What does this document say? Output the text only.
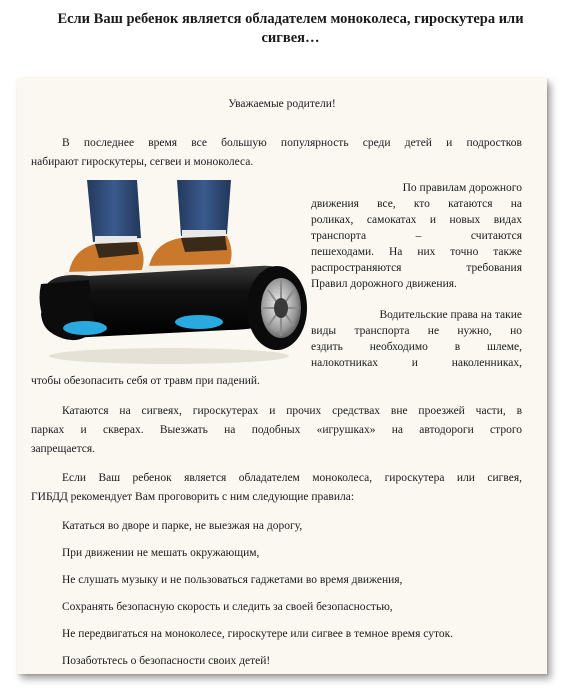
Если Ваш ребенок является обладателем моноколеса, гироскутера или
сигвея…
Уважаемые родители!
В последнее время все большую популярность среди детей и подростков
набирают гироскутеры, сегвеи и моноколеса.
По правилам дорожного
движения все, кто катаются на
роликах, самокатах и новых видах
транспорта – считаются
пешеходами. На них точно также
распространяются требования
Правил дорожного движения.
Водительские права на такие
виды транспорта не нужно, но
ездить необходимо в шлеме,
налокотниках и наколенниках,
чтобы обезопасить себя от травм при падений.
Катаются на сигвеях, гироскутерах и прочих средствах вне проезжей части, в
парках и скверах. Выезжать на подобных «игрушках» на автодороги строго
запрещается.
Если Ваш ребенок является обладателем моноколеса, гироскутера или сигвея,
ГИБДД рекомендует Вам проговорить с ним следующие правила:
Кататься во дворе и парке, не выезжая на дорогу,
При движении не мешать окружающим,
Не слушать музыку и не пользоваться гаджетами во время движения,
Сохранять безопасную скорость и следить за своей безопасностью,
Не передвигаться на моноколесе, гироскутере или сигвее в темное время суток.
Позаботьтесь о безопасности своих детей!
